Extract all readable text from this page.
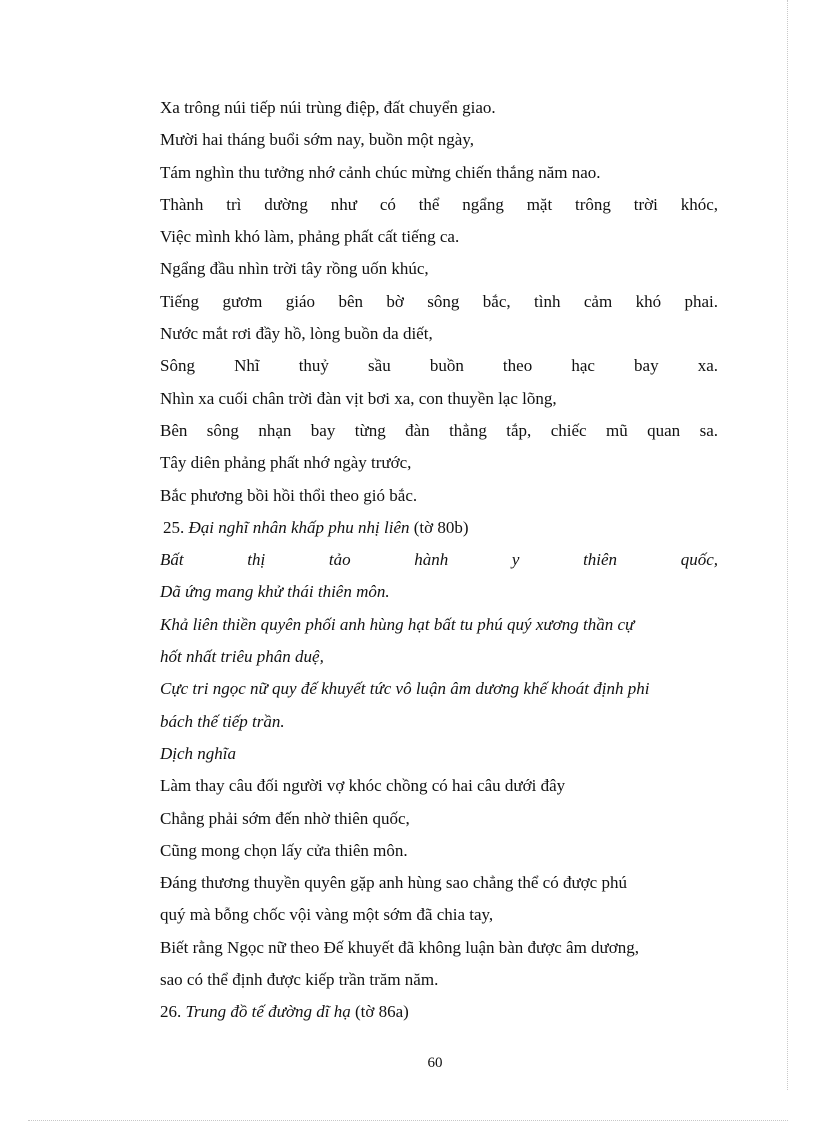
Xa trông núi tiếp núi trùng điệp, đất chuyển giao.
Mười hai tháng buổi sớm nay, buồn một ngày,
Tám nghìn thu tưởng nhớ cảnh chúc mừng chiến thắng năm nao.
Thành trì dường như có thể ngẩng mặt trông trời khóc,
Việc mình khó làm, phảng phất cất tiếng ca.
Ngẩng đầu nhìn trời tây rồng uốn khúc,
Tiếng gươm giáo bên bờ sông bắc, tình cảm khó phai.
Nước mắt rơi đầy hồ, lòng buồn da diết,
Sông Nhĩ thuỷ sầu buồn theo hạc bay xa.
Nhìn xa cuối chân trời đàn vịt bơi xa, con thuyền lạc lõng,
Bên sông nhạn bay từng đàn thẳng tắp, chiếc mũ quan sa.
Tây diên phảng phất nhớ ngày trước,
Bắc phương bồi hồi thổi theo gió bắc.
25. Đại nghĩ nhân khấp phu nhị liên (tờ 80b)
Bất thị tảo hành y thiên quốc,
Dã ứng mang khử thái thiên môn.
Khả liên thiền quyên phối anh hùng hạt bất tu phú quý xương thần cự
hốt nhất triêu phân duệ,
Cực tri ngọc nữ quy đế khuyết tức vô luận âm dương khế khoát định phi
bách thế tiếp trần.
Dịch nghĩa
Làm thay câu đối người vợ khóc chồng có hai câu dưới đây
Chẳng phải sớm đến nhờ thiên quốc,
Cũng mong chọn lấy cửa thiên môn.
Đáng thương thuyền quyên gặp anh hùng sao chẳng thể có được phú
quý mà bỗng chốc vội vàng một sớm đã chia tay,
Biết rằng Ngọc nữ theo Đế khuyết đã không luận bàn được âm dương,
sao có thể định được kiếp trần trăm năm.
26. Trung đồ tế đường dĩ hạ (tờ 86a)
60
